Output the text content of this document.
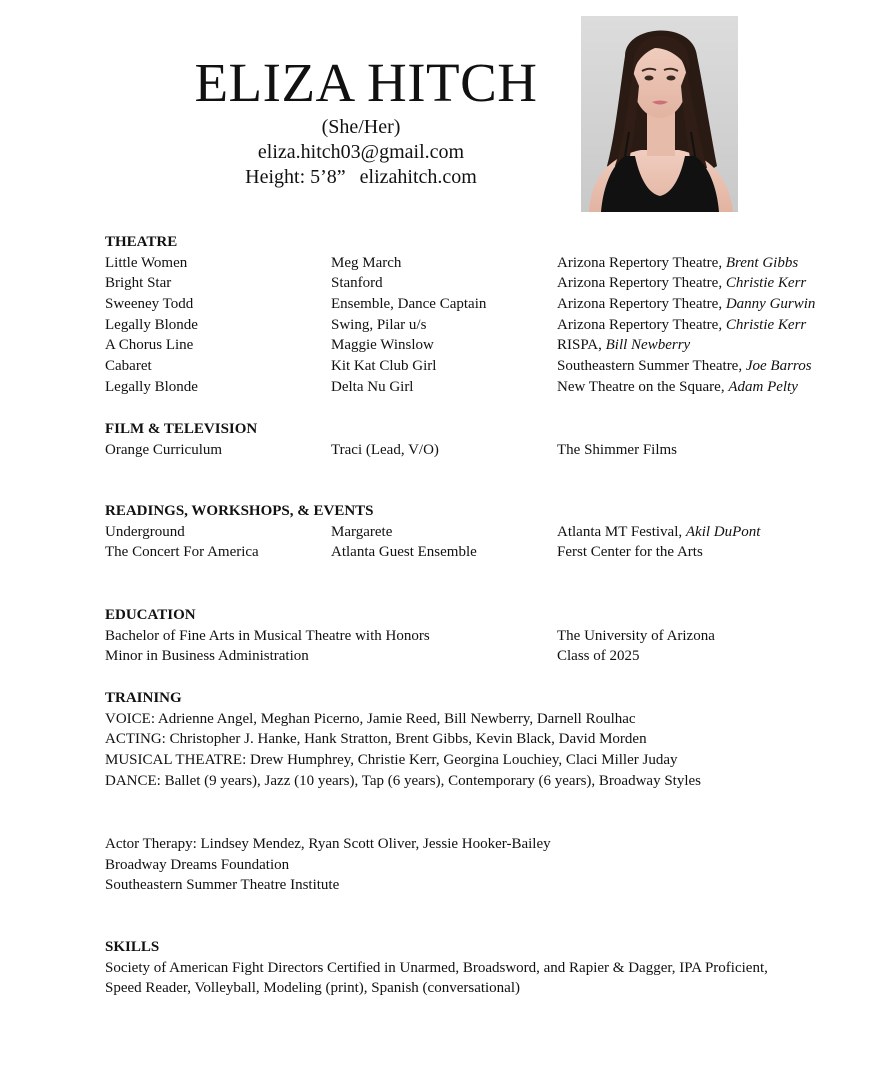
ELIZA HITCH
(She/Her)
eliza.hitch03@gmail.com
Height: 5’8” elizahitch.com
THEATRE
Little Women	Meg March	Arizona Repertory Theatre, Brent Gibbs
Bright Star	Stanford	Arizona Repertory Theatre, Christie Kerr
Sweeney Todd	Ensemble, Dance Captain	Arizona Repertory Theatre, Danny Gurwin
Legally Blonde	Swing, Pilar u/s	Arizona Repertory Theatre, Christie Kerr
A Chorus Line	Maggie Winslow	RISPA, Bill Newberry
Cabaret	Kit Kat Club Girl	Southeastern Summer Theatre, Joe Barros
Legally Blonde	Delta Nu Girl	New Theatre on the Square, Adam Pelty
FILM & TELEVISION
Orange Curriculum	Traci (Lead, V/O)	The Shimmer Films
READINGS, WORKSHOPS, & EVENTS
Underground	Margarete	Atlanta MT Festival, Akil DuPont
The Concert For America	Atlanta Guest Ensemble	Ferst Center for the Arts
EDUCATION
Bachelor of Fine Arts in Musical Theatre with Honors	The University of Arizona
Minor in Business Administration	Class of 2025
TRAINING
VOICE: Adrienne Angel, Meghan Picerno, Jamie Reed, Bill Newberry, Darnell Roulhac
ACTING: Christopher J. Hanke, Hank Stratton, Brent Gibbs, Kevin Black, David Morden
MUSICAL THEATRE: Drew Humphrey, Christie Kerr, Georgina Louchiey, Claci Miller Juday
DANCE: Ballet (9 years), Jazz (10 years), Tap (6 years), Contemporary (6 years), Broadway Styles
Actor Therapy: Lindsey Mendez, Ryan Scott Oliver, Jessie Hooker-Bailey
Broadway Dreams Foundation
Southeastern Summer Theatre Institute
SKILLS
Society of American Fight Directors Certified in Unarmed, Broadsword, and Rapier & Dagger, IPA Proficient,
Speed Reader, Volleyball, Modeling (print), Spanish (conversational)
